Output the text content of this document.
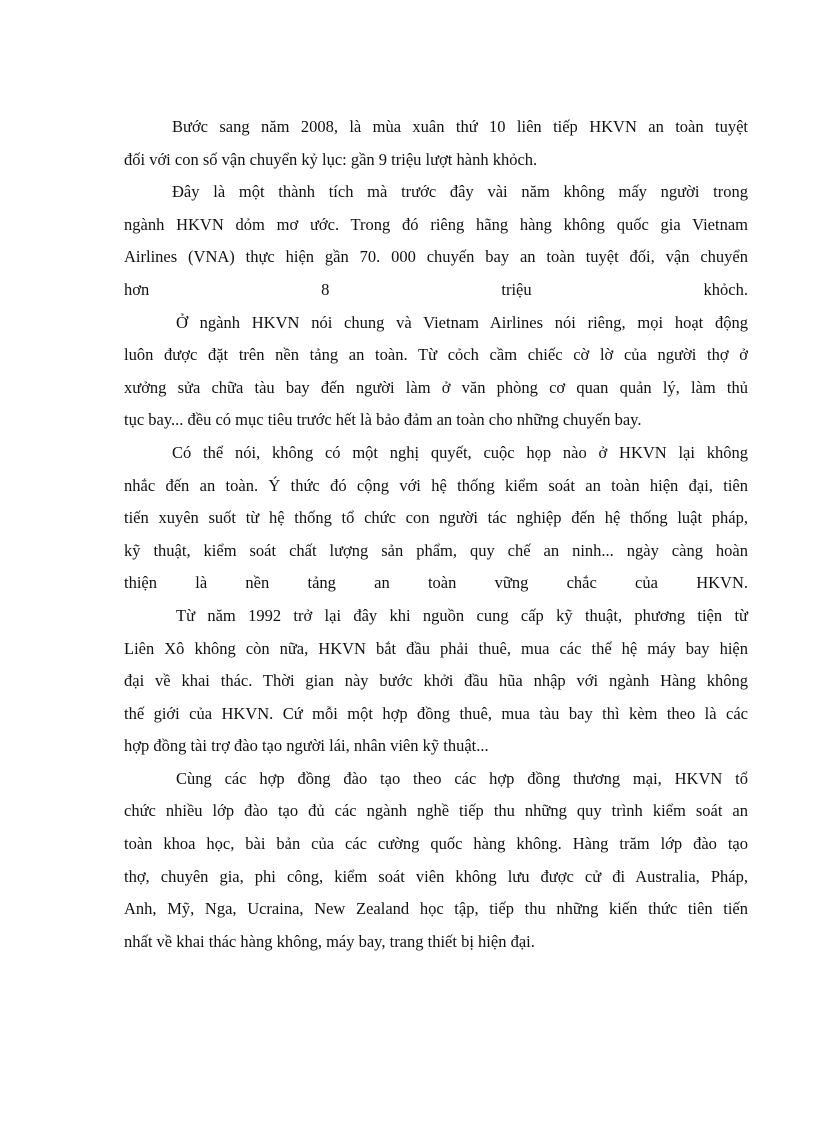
Bước sang năm 2008, là mùa xuân thứ 10 liên tiếp HKVN an toàn tuyệt
đối với con số vận chuyển kỷ lục: gần 9 triệu lượt hành khỏch.
Đây là một thành tích mà trước đây vài năm không mấy người trong
ngành HKVN dỏm mơ ước. Trong đó riêng hãng hàng không quốc gia Vietnam
Airlines (VNA) thực hiện gần 70. 000 chuyến bay an toàn tuyệt đối, vận chuyển
hơn 8 triệu khỏch.
Ở ngành HKVN nói chung và Vietnam Airlines nói riêng, mọi hoạt động
luôn được đặt trên nền tảng an toàn. Từ cỏch cầm chiếc cờ lờ của người thợ ở
xưởng sửa chữa tàu bay đến người làm ở văn phòng cơ quan quản lý, làm thủ
tục bay... đều có mục tiêu trước hết là bảo đảm an toàn cho những chuyến bay.
Có thể nói, không có một nghị quyết, cuộc họp nào ở HKVN lại không
nhắc đến an toàn. Ý thức đó cộng với hệ thống kiểm soát an toàn hiện đại, tiên
tiến xuyên suốt từ hệ thống tổ chức con người tác nghiệp đến hệ thống luật pháp,
kỹ thuật, kiểm soát chất lượng sản phẩm, quy chế an ninh... ngày càng hoàn
thiện là nền tảng an toàn vững chắc của HKVN.
Từ năm 1992 trở lại đây khi nguồn cung cấp kỹ thuật, phương tiện từ
Liên Xô không còn nữa, HKVN bắt đầu phải thuê, mua các thế hệ máy bay hiện
đại về khai thác. Thời gian này bước khởi đầu hũa nhập với ngành Hàng không
thế giới của HKVN. Cứ mỗi một hợp đồng thuê, mua tàu bay thì kèm theo là các
hợp đồng tài trợ đào tạo người lái, nhân viên kỹ thuật...
Cùng các hợp đồng đào tạo theo các hợp đồng thương mại, HKVN tổ
chức nhiều lớp đào tạo đủ các ngành nghề tiếp thu những quy trình kiểm soát an
toàn khoa học, bài bản của các cường quốc hàng không. Hàng trăm lớp đào tạo
thợ, chuyên gia, phi công, kiểm soát viên không lưu được cử đi Australia, Pháp,
Anh, Mỹ, Nga, Ucraina, New Zealand học tập, tiếp thu những kiến thức tiên tiến
nhất về khai thác hàng không, máy bay, trang thiết bị hiện đại.
